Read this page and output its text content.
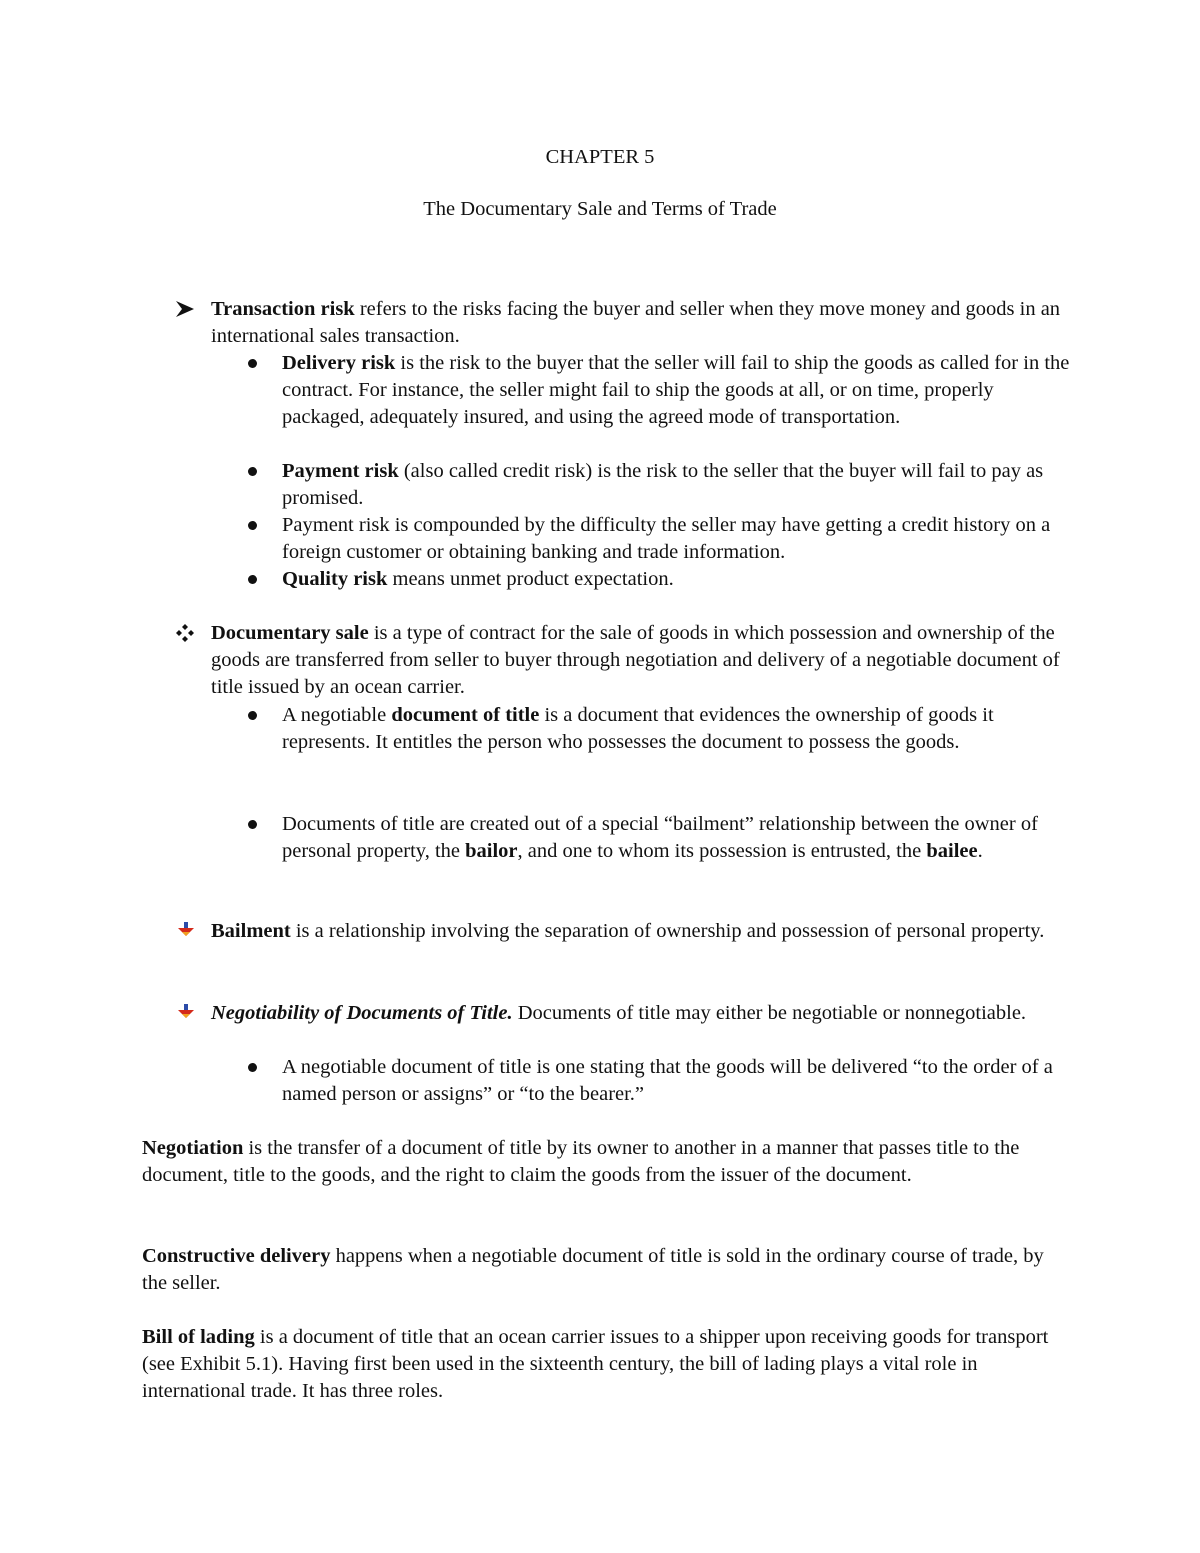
CHAPTER 5
The Documentary Sale and Terms of Trade
Transaction risk refers to the risks facing the buyer and seller when they move money and goods in an international sales transaction.
Delivery risk is the risk to the buyer that the seller will fail to ship the goods as called for in the contract. For instance, the seller might fail to ship the goods at all, or on time, properly packaged, adequately insured, and using the agreed mode of transportation.
Payment risk (also called credit risk) is the risk to the seller that the buyer will fail to pay as promised.
Payment risk is compounded by the difficulty the seller may have getting a credit history on a foreign customer or obtaining banking and trade information.
Quality risk means unmet product expectation.
Documentary sale is a type of contract for the sale of goods in which possession and ownership of the goods are transferred from seller to buyer through negotiation and delivery of a negotiable document of title issued by an ocean carrier.
A negotiable document of title is a document that evidences the ownership of goods it represents. It entitles the person who possesses the document to possess the goods.
Documents of title are created out of a special “bailment” relationship between the owner of personal property, the bailor, and one to whom its possession is entrusted, the bailee.
Bailment is a relationship involving the separation of ownership and possession of personal property.
Negotiability of Documents of Title. Documents of title may either be negotiable or nonnegotiable.
A negotiable document of title is one stating that the goods will be delivered “to the order of a named person or assigns” or “to the bearer.”
Negotiation is the transfer of a document of title by its owner to another in a manner that passes title to the document, title to the goods, and the right to claim the goods from the issuer of the document.
Constructive delivery happens when a negotiable document of title is sold in the ordinary course of trade, by the seller.
Bill of lading is a document of title that an ocean carrier issues to a shipper upon receiving goods for transport (see Exhibit 5.1). Having first been used in the sixteenth century, the bill of lading plays a vital role in international trade. It has three roles.
